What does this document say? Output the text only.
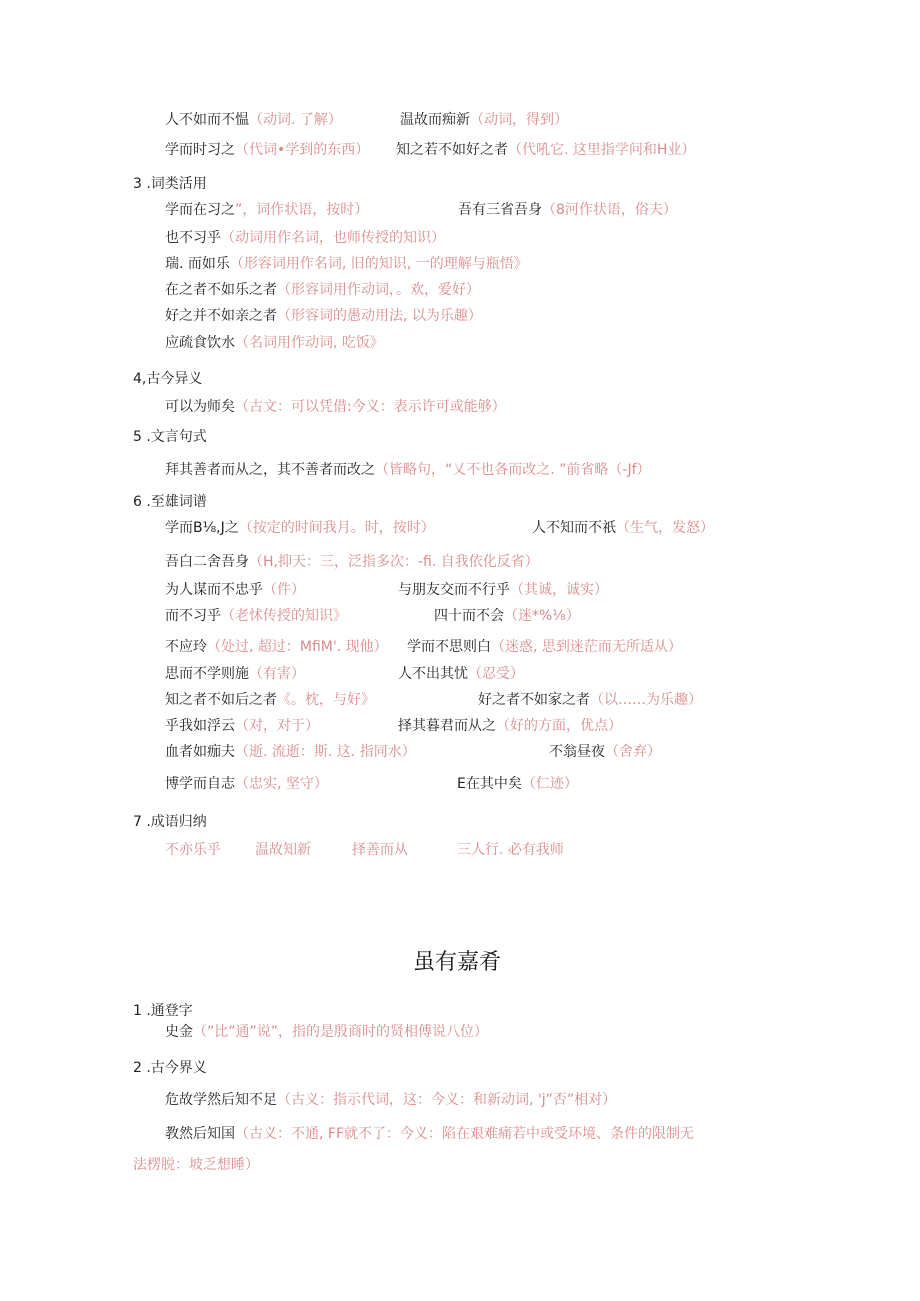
3 .词类活用
4,古今异义
5 .文言句式
6 .至雄词谱
7 .成语归纳
1 .通登字
2 .古今界义
人不如而不愠（动词. 了解）	温故而痴新（动词，得到）
学而时习之（代词•学到的东西） 知之若不如好之者（代吼它. 这里指学问和H业）
学而在习之”，词作状语，按时）	吾有三省吾身（8河作状语，俗夫）
也不习乎（动词用作名词，也师传授的知识）
瑞. 而如乐（形容词用作名词, 旧的知识, 一的理解与瓶悟》
在之者不如乐之者（形容词用作动词，。欢，爱好）
好之并不如亲之者（形容词的愚动用法, 以为乐趣）
应疏食饮水（名词用作动词, 吃饭》
可以为师矣（古文：可以凭借:今义：表示许可或能够）
拜其善者而从之，其不善者而改之（皆略句，“乂不也各而改之. ”前省略（-Jf）
学而B⅛,J之（按定的时间我月。时，按时）	人不知而不祇（生气，发怒）
吾白二舍吾身（H,抑天：三，泛指多次：-fi. 自我依化反省）
为人谋而不忠乎（件）	与朋友交而不行乎（其诚，诚实）
而不习乎（老怵传授的知识》	四十而不会（迷*%⅛）
不应玲（处过, 超过：MfiM'. 现他） 学而不思则白（迷惑, 思到迷茫而无所适从）
思而不学则施（有害）	人不出其忧（忍受）
知之者不如后之者《。枕，与好》	好之者不如家之者（以……为乐趣）
乎我如浮云（对，对于）	择其暮君而从之（好的方面，优点）
血者如痂夫（逝. 流逝：斯. 这. 指同水）	不翁昼夜（舍弃）
博学而自志（忠实, 坚守）	E在其中矣（仁迹）
史金（”比”通”说”，指的是殷商时的贤相傅说八位）
危故学然后知不足（古义：指示代词，这：今义：和新动词, 'j”否”相对）
教然后知国（古义：不通, FF就不了：今义：陷在艰难痛若中或受环境、条件的限制无
法楞脱：坡乏想睡）
不亦乐乎 温故知新	择善而从	三人行. 必有我师
虽有嘉肴
